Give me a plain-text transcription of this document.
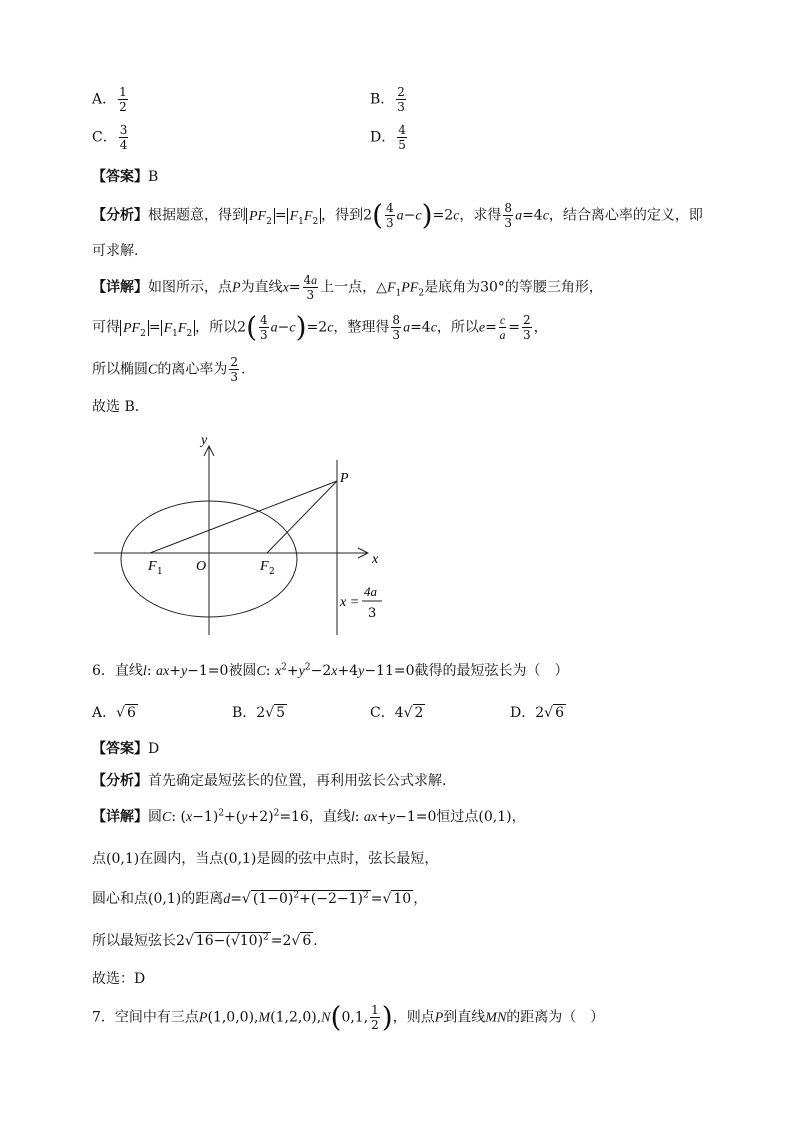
A． $\frac{1}{2}$	B． $\frac{2}{3}$
C． $\frac{3}{4}$	D． $\frac{4}{5}$
【答案】B
【分析】根据题意，得到 $PF_2 = F_1F_2$ ，得到$2( \frac{4}{3} a-c)=2c$，求得 $\frac{8}{3} a=4c$，结合离心率的定义，即
可求解.
【详解】如图所示，点P为直线$x= \frac{4a}{3}$ 上一点，$\triangle F_1PF_2$是底角为30°的等腰三角形，
可得 $PF_2 = F_1F_2$ ，所以$2( \frac{4}{3} a-c)=2c$，整理得 $\frac{8}{3} a=4c$，所以$e= \frac{c}{a} = \frac{2}{3}$ ，
所以椭圆C的离心率为 $\frac{2}{3}$ .
故选 B．
y
x
P
O
F 1	F 2
x =
4a
3
6．直线l: ax+y−1=0被圆C: $x^2+y^2-2x+4y-11=0$截得的最短弦长为（　）
A．√ 6	B．2√ 5	C．4√ 2	D．2√ 6
【答案】D
【分析】首先确定最短弦长的位置，再利用弦长公式求解.
【详解】圆C: $(x-1)^2+(y+2)^2=16$，直线l: ax+y−1=0恒过点(0,1)，
点(0,1)在圆内，当点(0,1)是圆的弦中点时，弦长最短，
圆心和点(0,1)的距离d=√ $(1-0)^2+(-2-1)^2$ =√ 10 ，
所以最短弦长2√ $16-(√10)^2 =2√$ 6 .
故选：D
7．空间中有三点P(1,0,0),M(1,2,0),N(0,1, $\frac{1}{2}$ )，则点P到直线MN的距离为（　）
